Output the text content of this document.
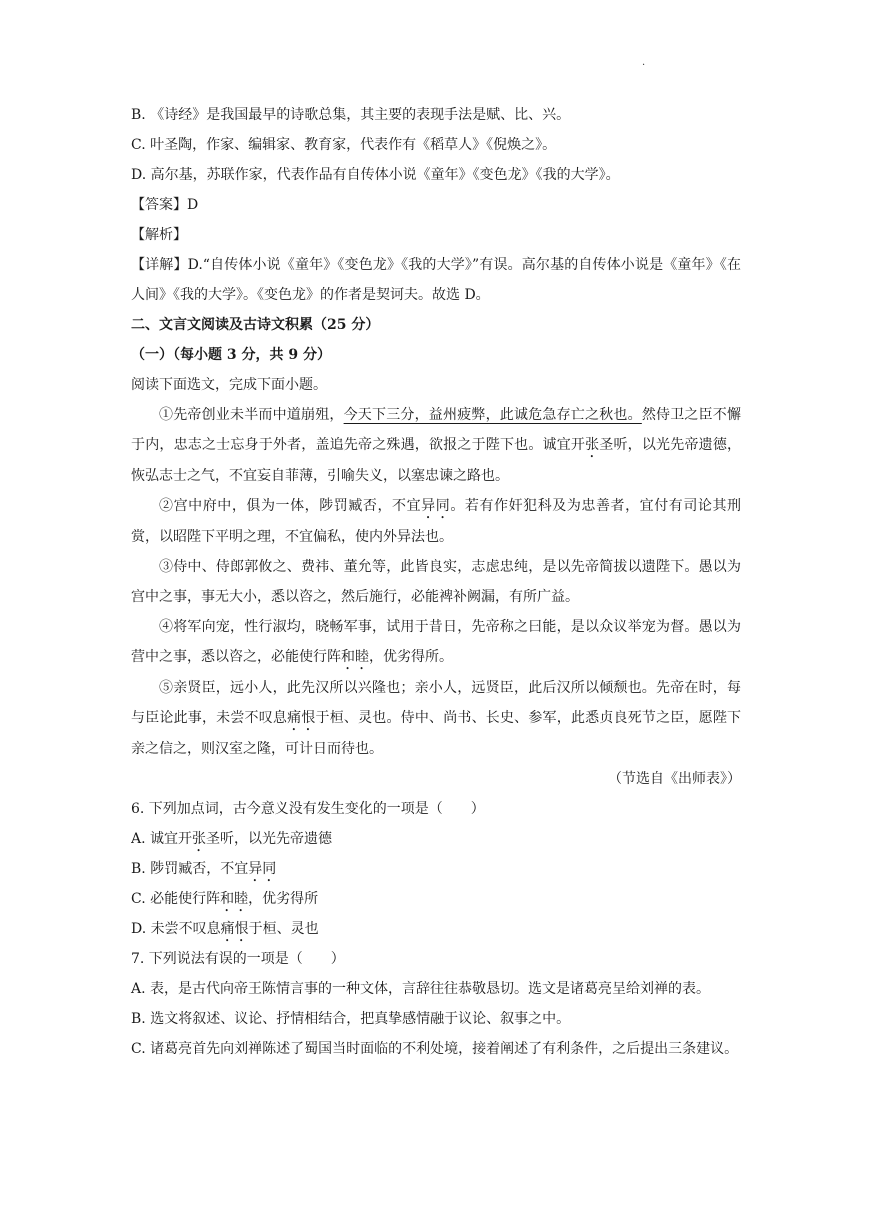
.
B. 《诗经》是我国最早的诗歌总集，其主要的表现手法是赋、比、兴。
C. 叶圣陶，作家、编辑家、教育家，代表作有《稻草人》《倪焕之》。
D. 高尔基，苏联作家，代表作品有自传体小说《童年》《变色龙》《我的大学》。
【答案】D
【解析】

【详解】D.“自传体小说《童年》《变色龙》《我的大学》”有误。高尔基的自传体小说是《童年》《在人间》《我的大学》。《变色龙》的作者是契诃夫。故选 D。

二、文言文阅读及古诗文积累（25 分）
（一）（每小题 3 分，共 9 分）
阅读下面选文，完成下面小题。

①先帝创业未半而中道崩殂，今天下三分，益州疲弊，此诚危急存亡之秋也。然侍卫之臣不懈于内，忠志之士忘身于外者，盖追先帝之殊遇，欲报之于陛下也。诚宜开张圣听，以光先帝遗德，恢弘志士之气，不宜妄自菲薄，引喻失义，以塞忠谏之路也。

②宫中府中，俱为一体，陟罚臧否，不宜异同。若有作奸犯科及为忠善者，宜付有司论其刑赏，以昭陛下平明之理，不宜偏私，使内外异法也。

③侍中、侍郎郭攸之、费祎、董允等，此皆良实，志虑忠纯，是以先帝简拔以遗陛下。愚以为宫中之事，事无大小，悉以咨之，然后施行，必能裨补阙漏，有所广益。

④将军向宠，性行淑均，晓畅军事，试用于昔日，先帝称之曰能，是以众议举宠为督。愚以为营中之事，悉以咨之，必能使行阵和睦，优劣得所。

⑤亲贤臣，远小人，此先汉所以兴隆也；亲小人，远贤臣，此后汉所以倾颓也。先帝在时，每与臣论此事，未尝不叹息痛恨于桓、灵也。侍中、尚书、长史、参军，此悉贞良死节之臣，愿陛下亲之信之，则汉室之隆，可计日而待也。

（节选自《出师表》）
6. 下列加点词，古今意义没有发生变化的一项是（　　）
A. 诚宜开张圣听，以光先帝遗德
B. 陟罚臧否，不宜异同
C. 必能使行阵和睦，优劣得所
D. 未尝不叹息痛恨于桓、灵也
7. 下列说法有误的一项是（　　）

A. 表，是古代向帝王陈情言事的一种文体，言辞往往恭敬恳切。选文是诸葛亮呈给刘禅的表。

B. 选文将叙述、议论、抒情相结合，把真挚感情融于议论、叙事之中。

C. 诸葛亮首先向刘禅陈述了蜀国当时面临的不利处境，接着阐述了有利条件，之后提出三条建议。
